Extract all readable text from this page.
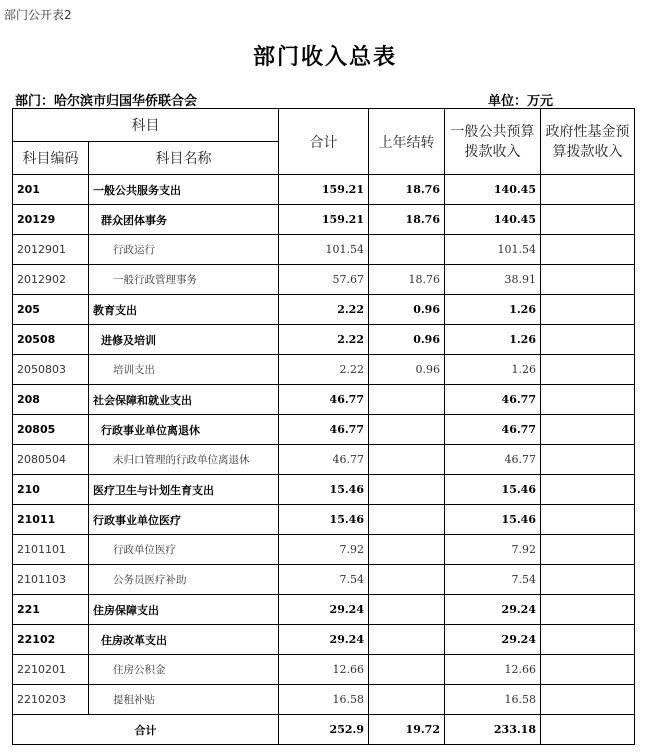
部门公开表2
部门收入总表
部门：哈尔滨市归国华侨联合会	单位：万元
科目		合计	上年结转	一般公共预算拨款收入	政府性基金预算拨款收入
科目编码	科目名称				
201	一般公共服务支出	159.21	18.76	140.45	
20129	群众团体事务	159.21	18.76	140.45	
2012901	行政运行	101.54		101.54	
2012902	一般行政管理事务	57.67	18.76	38.91	
205	教育支出	2.22	0.96	1.26	
20508	进修及培训	2.22	0.96	1.26	
2050803	培训支出	2.22	0.96	1.26	
208	社会保障和就业支出	46.77		46.77	
20805	行政事业单位离退休	46.77		46.77	
2080504	未归口管理的行政单位离退休	46.77		46.77	
210	医疗卫生与计划生育支出	15.46		15.46	
21011	行政事业单位医疗	15.46		15.46	
2101101	行政单位医疗	7.92		7.92	
2101103	公务员医疗补助	7.54		7.54	
221	住房保障支出	29.24		29.24	
22102	住房改革支出	29.24		29.24	
2210201	住房公积金	12.66		12.66	
2210203	提租补贴	16.58		16.58	
合计		252.9	19.72	233.18	
